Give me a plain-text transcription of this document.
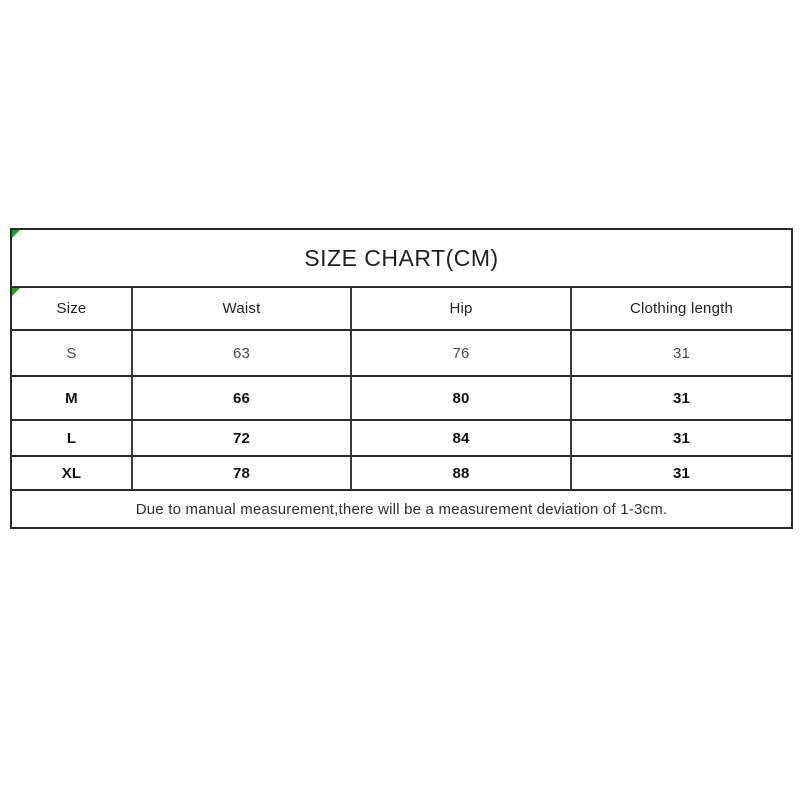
SIZE CHART(CM)
Size	Waist	Hip	Clothing length
S	63	76	31
M	66	80	31
L	72	84	31
XL	78	88	31
Due to manual measurement,there will be a measurement deviation of 1-3cm.
